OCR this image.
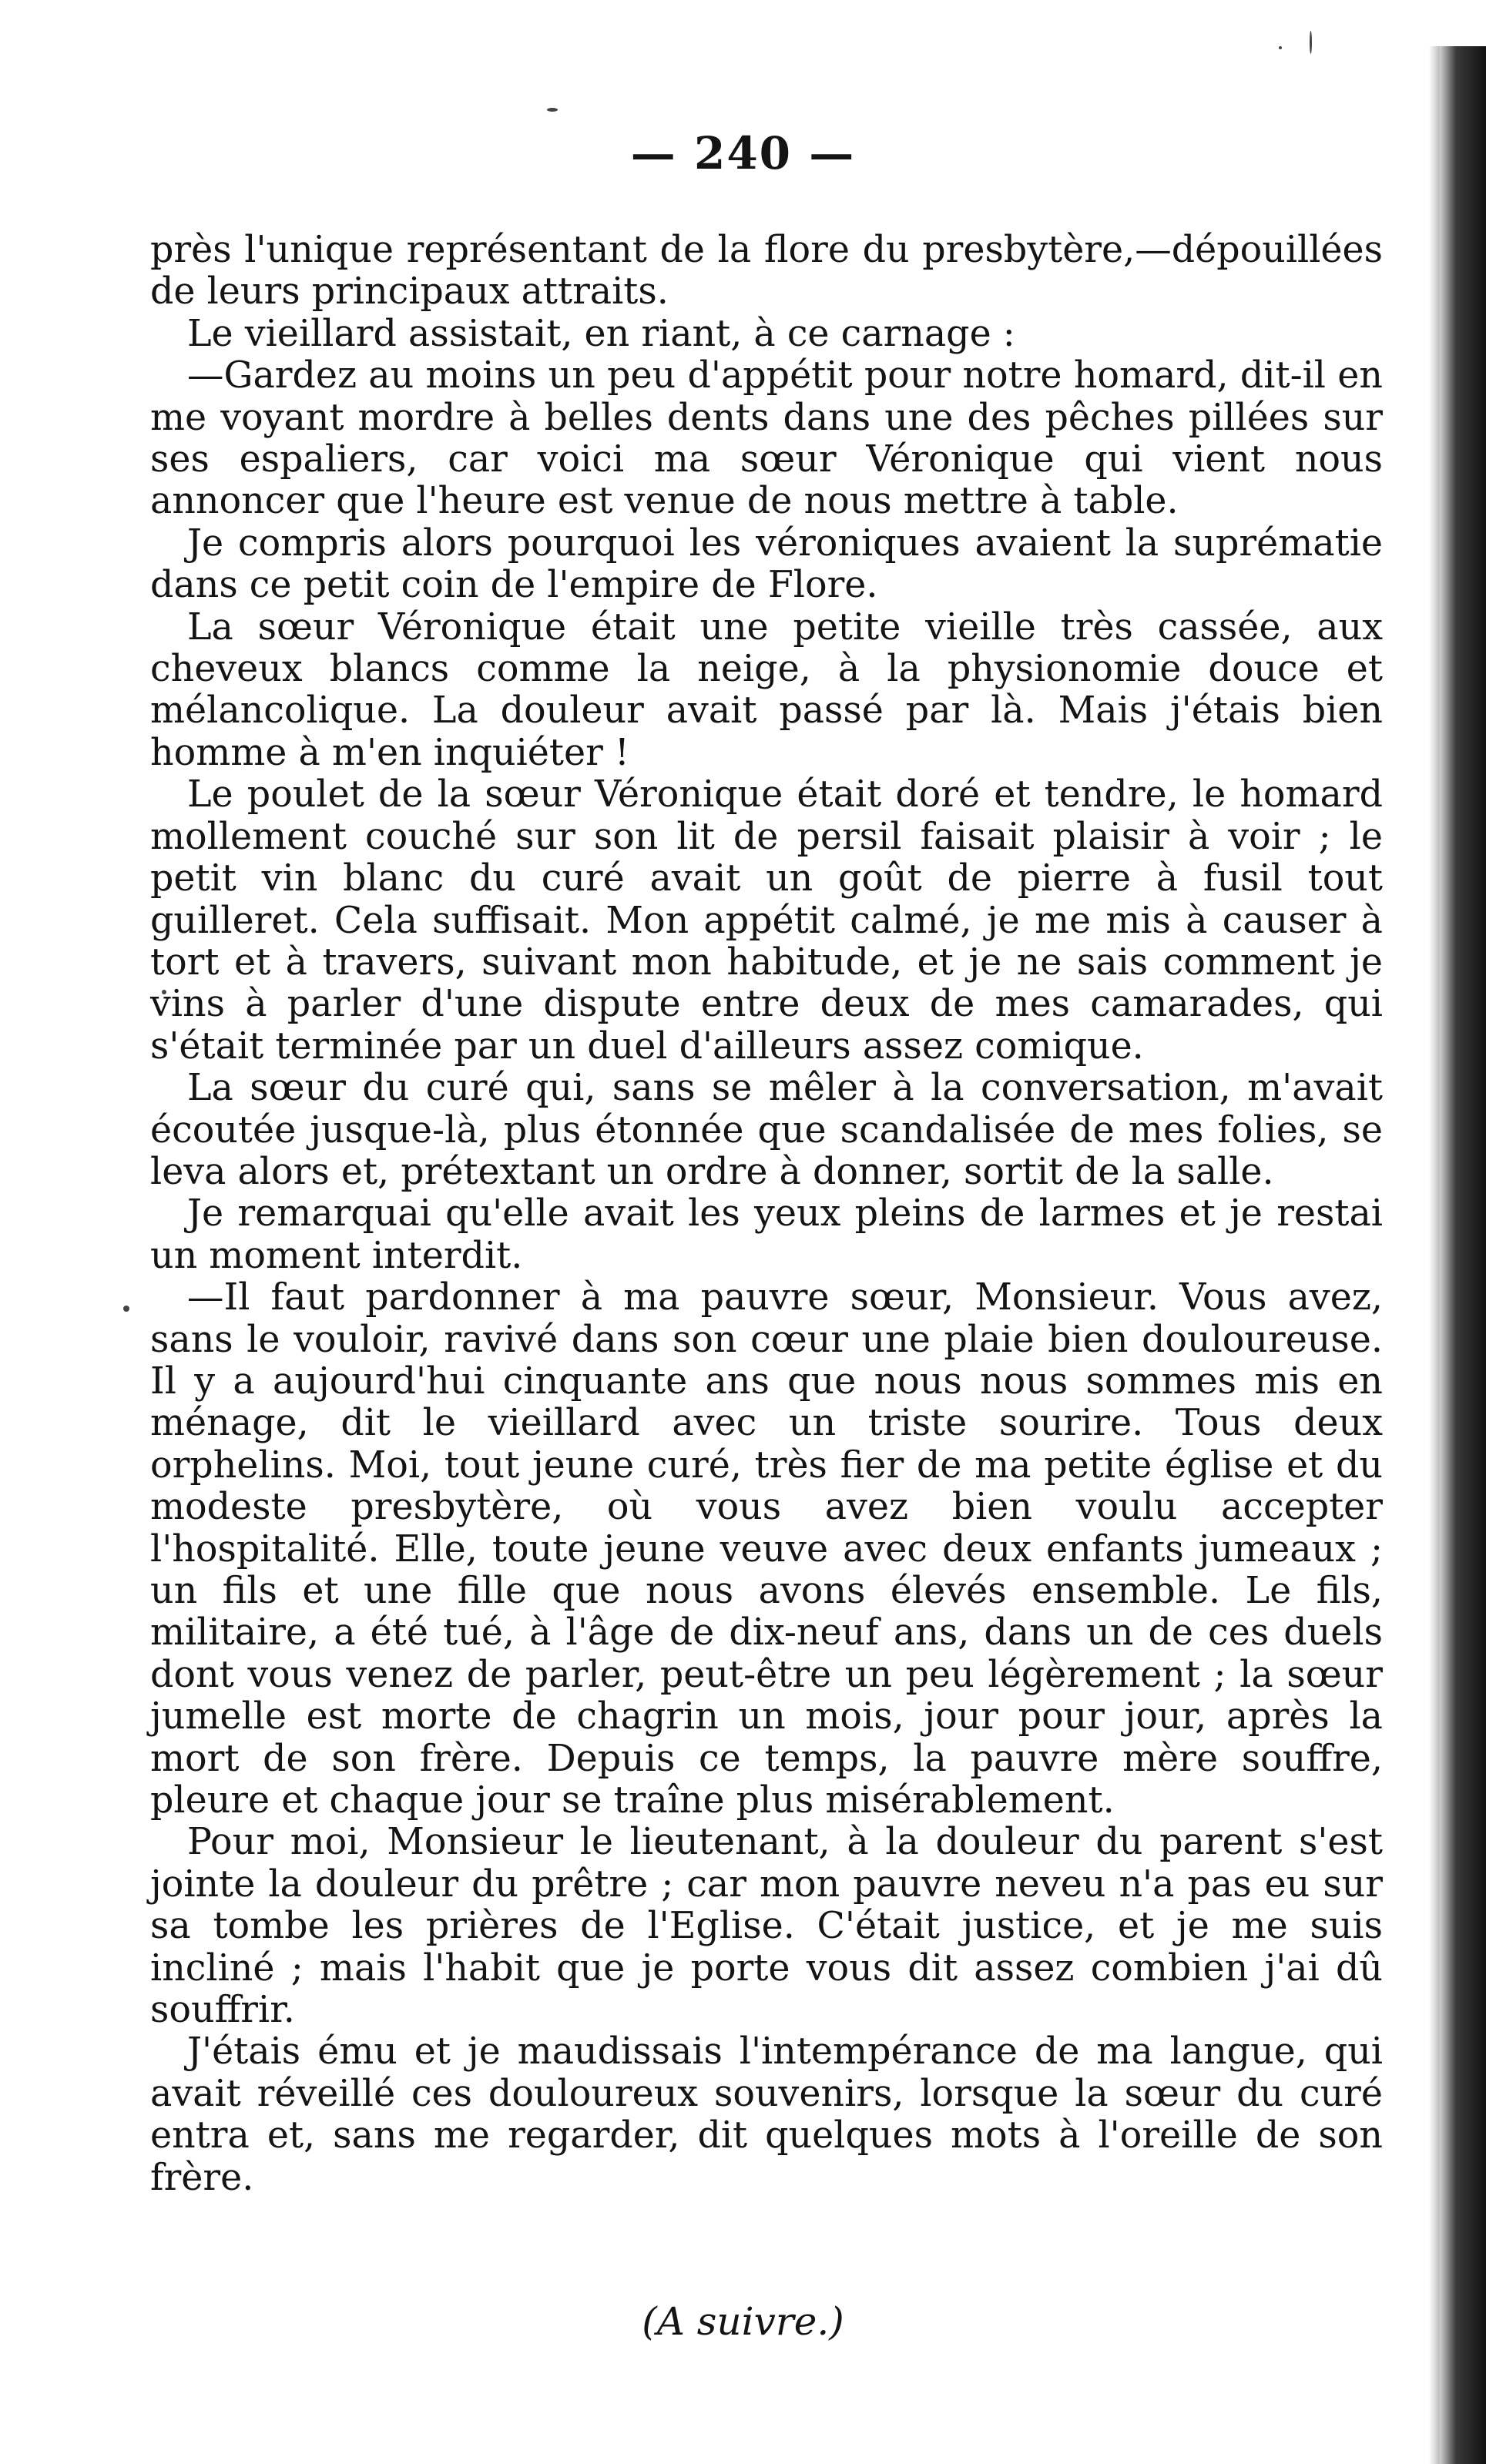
— 240 —

près l'unique représentant de la flore du presbytère,—dépouillées de leurs principaux attraits.

Le vieillard assistait, en riant, à ce carnage :

—Gardez au moins un peu d'appétit pour notre homard, dit-il en me voyant mordre à belles dents dans une des pêches pillées sur ses espaliers, car voici ma sœur Véronique qui vient nous annoncer que l'heure est venue de nous mettre à table.

Je compris alors pourquoi les véroniques avaient la suprématie dans ce petit coin de l'empire de Flore.

La sœur Véronique était une petite vieille très cassée, aux cheveux blancs comme la neige, à la physionomie douce et mélancolique. La douleur avait passé par là. Mais j'étais bien homme à m'en inquiéter !

Le poulet de la sœur Véronique était doré et tendre, le homard mollement couché sur son lit de persil faisait plaisir à voir ; le petit vin blanc du curé avait un goût de pierre à fusil tout guilleret. Cela suffisait. Mon appétit calmé, je me mis à causer à tort et à travers, suivant mon habitude, et je ne sais comment je vins à parler d'une dispute entre deux de mes camarades, qui s'était terminée par un duel d'ailleurs assez comique.

La sœur du curé qui, sans se mêler à la conversation, m'avait écoutée jusque-là, plus étonnée que scandalisée de mes folies, se leva alors et, prétextant un ordre à donner, sortit de la salle.

Je remarquai qu'elle avait les yeux pleins de larmes et je restai un moment interdit.

—Il faut pardonner à ma pauvre sœur, Monsieur. Vous avez, sans le vouloir, ravivé dans son cœur une plaie bien douloureuse. Il y a aujourd'hui cinquante ans que nous nous sommes mis en ménage, dit le vieillard avec un triste sourire. Tous deux orphelins. Moi, tout jeune curé, très fier de ma petite église et du modeste presbytère, où vous avez bien voulu accepter l'hospitalité. Elle, toute jeune veuve avec deux enfants jumeaux ; un fils et une fille que nous avons élevés ensemble. Le fils, militaire, a été tué, à l'âge de dix-neuf ans, dans un de ces duels dont vous venez de parler, peut-être un peu légèrement ; la sœur jumelle est morte de chagrin un mois, jour pour jour, après la mort de son frère. Depuis ce temps, la pauvre mère souffre, pleure et chaque jour se traîne plus misérablement.

Pour moi, Monsieur le lieutenant, à la douleur du parent s'est jointe la douleur du prêtre ; car mon pauvre neveu n'a pas eu sur sa tombe les prières de l'Eglise. C'était justice, et je me suis incliné ; mais l'habit que je porte vous dit assez combien j'ai dû souffrir.

J'étais ému et je maudissais l'intempérance de ma langue, qui avait réveillé ces douloureux souvenirs, lorsque la sœur du curé entra et, sans me regarder, dit quelques mots à l'oreille de son frère.

(A suivre.)
